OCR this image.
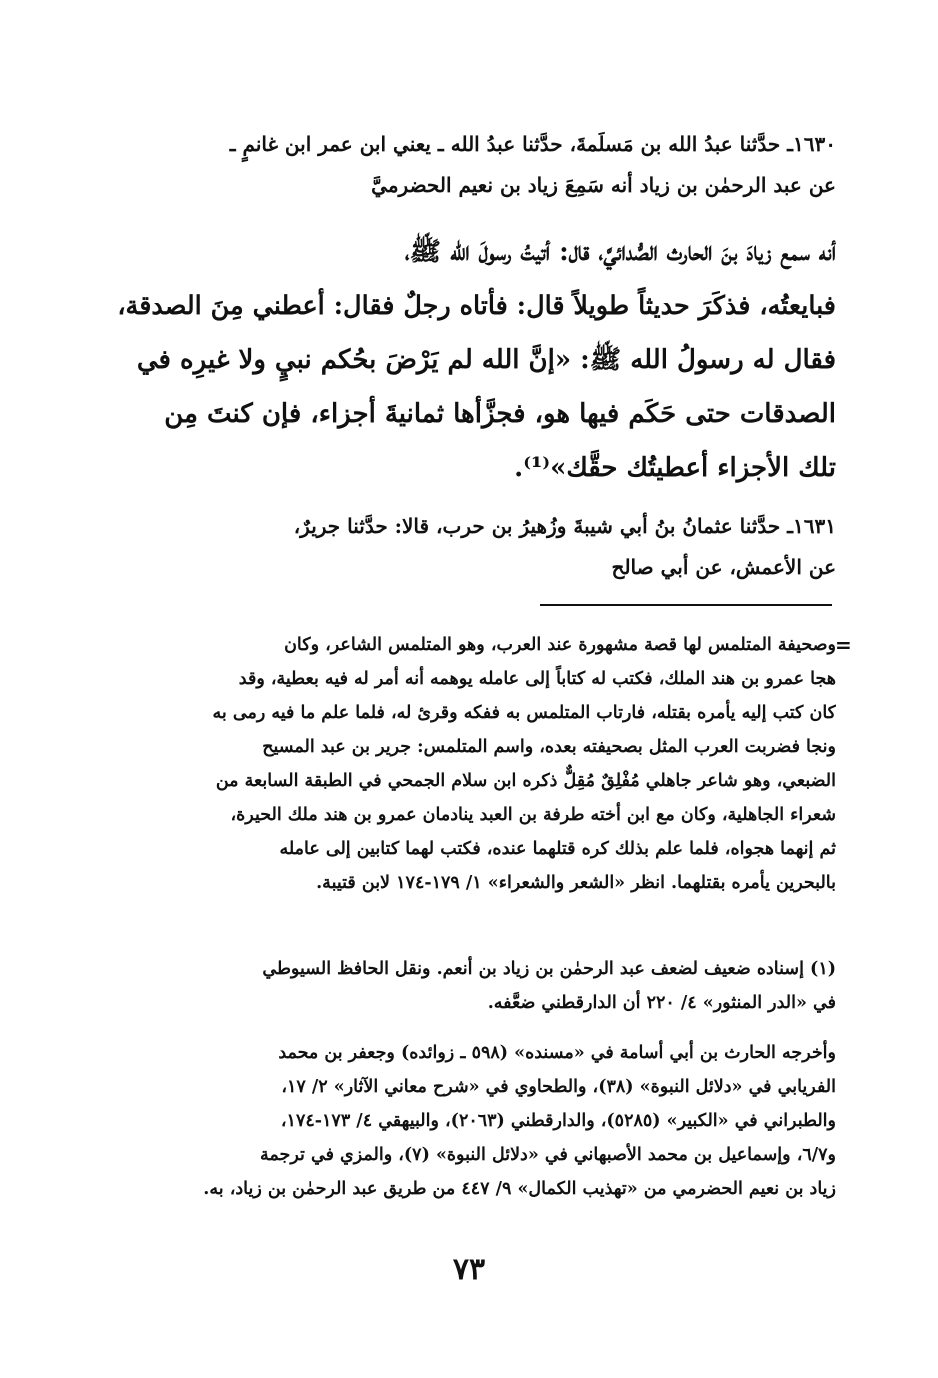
١٦٣٠ـ حدَّثنا عبدُ الله بن مَسلَمةَ، حدَّثنا عبدُ الله ـ يعني ابن عمر ابن غانمٍ ـ
عن عبد الرحمٰن بن زياد أنه سَمِعَ زياد بن نعيم الحضرميَّ
أنه سمع زيادَ بنَ الحارث الصُّدائيَّ، قال: أتيتُ رسولَ الله ﷺ،
فبايعتُه، فذكَرَ حديثاً طويلاً قال: فأتاه رجلٌ فقال: أعطني مِنَ الصدقة،
فقال له رسولُ الله ﷺ: «إنَّ الله لم يَرْضَ بحُكم نبيٍ ولا غيرِه في
الصدقات حتى حَكَم فيها هو، فجزَّأها ثمانيةَ أجزاء، فإن كنتَ مِن
تلك الأجزاء أعطيتُك حقَّك»⁽¹⁾.
١٦٣١ـ حدَّثنا عثمانُ بنُ أبي شيبةَ وزُهيرُ بن حرب، قالا: حدَّثنا جريرٌ،
عن الأعمش، عن أبي صالح
=
وصحيفة المتلمس لها قصة مشهورة عند العرب، وهو المتلمس الشاعر، وكان
هجا عمرو بن هند الملك، فكتب له كتاباً إلى عامله يوهمه أنه أمر له فيه بعطية، وقد
كان كتب إليه يأمره بقتله، فارتاب المتلمس به ففكه وقرئ له، فلما علم ما فيه رمى به
ونجا فضربت العرب المثل بصحيفته بعده، واسم المتلمس: جرير بن عبد المسيح
الضبعي، وهو شاعر جاهلي مُفْلِقٌ مُقِلٌّ ذكره ابن سلام الجمحي في الطبقة السابعة من
شعراء الجاهلية، وكان مع ابن أخته طرفة بن العبد ينادمان عمرو بن هند ملك الحيرة،
ثم إنهما هجواه، فلما علم بذلك كره قتلهما عنده، فكتب لهما كتابين إلى عامله
بالبحرين يأمره بقتلهما. انظر «الشعر والشعراء» ١/ ١٧٩-١٧٤ لابن قتيبة.
(١) إسناده ضعيف لضعف عبد الرحمٰن بن زياد بن أنعم. ونقل الحافظ السيوطي
في «الدر المنثور» ٤/ ٢٢٠ أن الدارقطني ضعَّفه.
وأخرجه الحارث بن أبي أسامة في «مسنده» (٥٩٨ ـ زوائده) وجعفر بن محمد
الفريابي في «دلائل النبوة» (٣٨)، والطحاوي في «شرح معاني الآثار» ٢/ ١٧،
والطبراني في «الكبير» (٥٢٨٥)، والدارقطني (٢٠٦٣)، والبيهقي ٤/ ١٧٣-١٧٤،
و٦/٧، وإسماعيل بن محمد الأصبهاني في «دلائل النبوة» (٧)، والمزي في ترجمة
زياد بن نعيم الحضرمي من «تهذيب الكمال» ٩/ ٤٤٧ من طريق عبد الرحمٰن بن زياد، به.
٧٣
